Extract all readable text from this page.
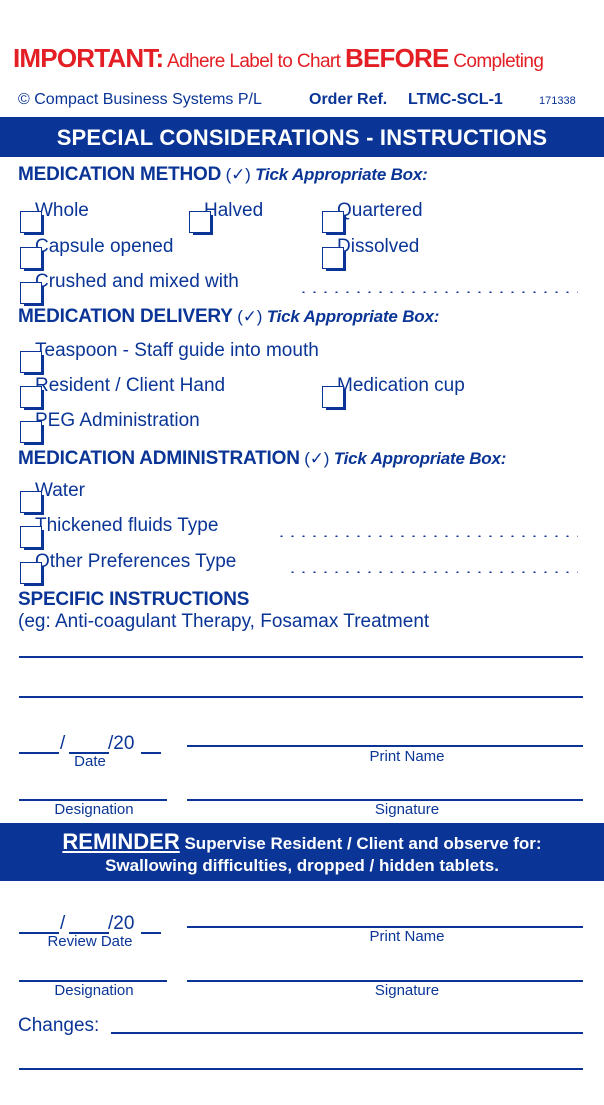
IMPORTANT: Adhere Label to Chart BEFORE Completing
© Compact Business Systems P/L	Order Ref. LTMC-SCL-1	171338
SPECIAL CONSIDERATIONS - INSTRUCTIONS
MEDICATION METHOD (✓) Tick Appropriate Box:
Whole	Halved	Quartered
Capsule opened	Dissolved
Crushed and mixed with
MEDICATION DELIVERY (✓) Tick Appropriate Box:
Teaspoon - Staff guide into mouth
Resident / Client Hand	Medication cup
PEG Administration
MEDICATION ADMINISTRATION (✓) Tick Appropriate Box:
Water
Thickened fluids Type
Other Preferences Type
SPECIFIC INSTRUCTIONS
(eg: Anti-coagulant Therapy, Fosamax Treatment
/ /20
Date	Print Name
Designation	Signature
REMINDER Supervise Resident / Client and observe for:
Swallowing difficulties, dropped / hidden tablets.
/ /20
Review Date	Print Name
Designation	Signature
Changes:
